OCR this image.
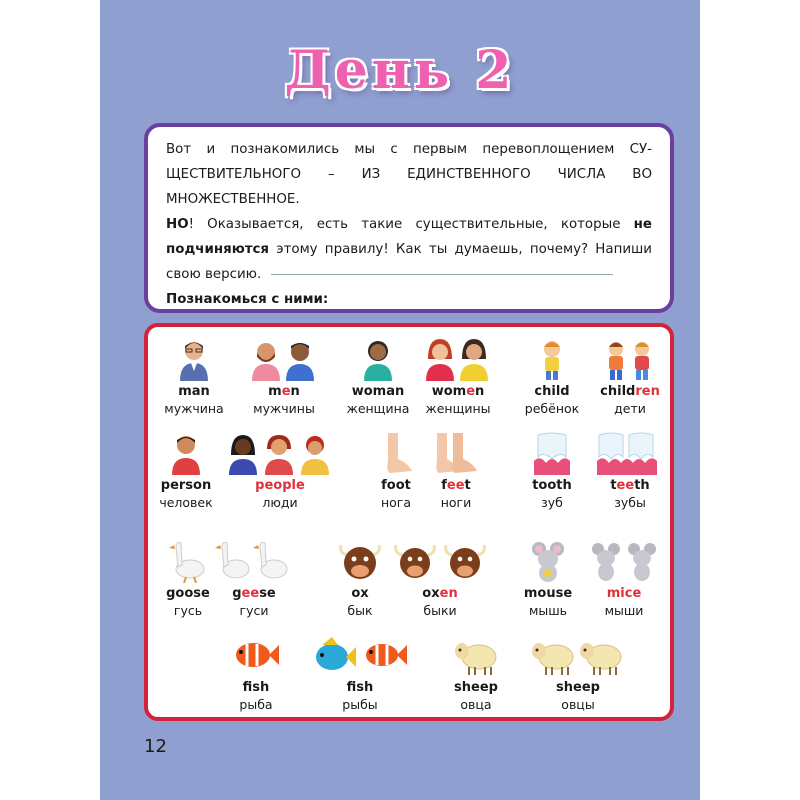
День 2

Вот и познакомились мы с первым перевоплощением СУ-ЩЕСТВИТЕЛЬНОГО – ИЗ ЕДИНСТВЕННОГО ЧИСЛА ВО МНОЖЕСТВЕННОЕ.

НО! Оказывается, есть такие существительные, которые не подчиняются этому правилу! Как ты думаешь, почему? Напиши свою версию.

Познакомься с ними:

man
мужчина
men
мужчины
woman
женщина
women
женщины
child
ребёнок
children
дети
person
человек
people
люди
foot
нога
feet
ноги
tooth
зуб
teeth
зубы
goose
гусь
geese
гуси
ox
бык
oxen
быки
mouse
мышь
mice
мыши
fish
рыба
fish
рыбы
sheep
овца
sheep
овцы
12
